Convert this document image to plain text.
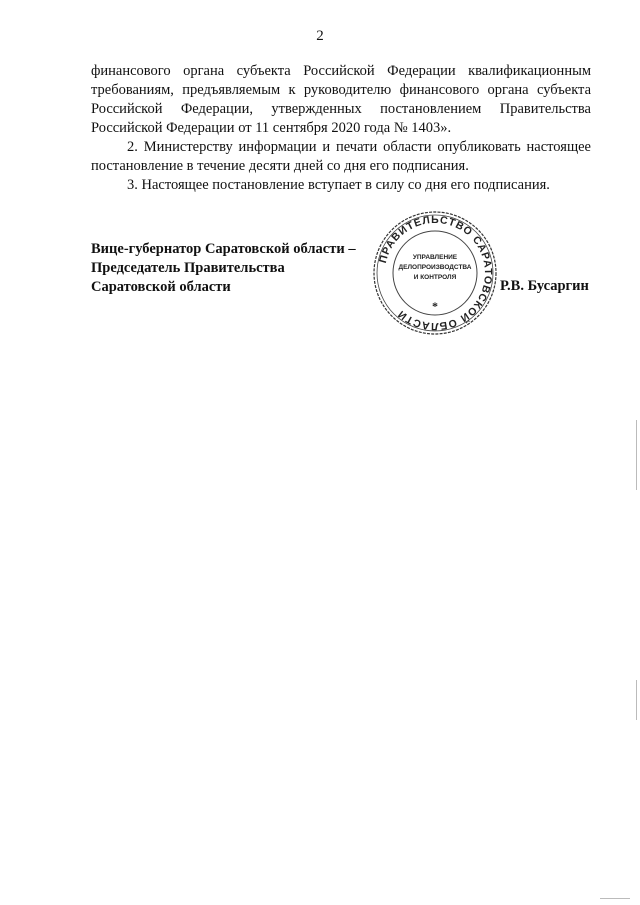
2

финансового органа субъекта Российской Федерации квалификационным требованиям, предъявляемым к руководителю финансового органа субъекта Российской Федерации, утвержденных постановлением Правительства Российской Федерации от 11 сентября 2020 года № 1403».

2. Министерству информации и печати области опубликовать настоящее постановление в течение десяти дней со дня его подписания.

3. Настоящее постановление вступает в силу со дня его подписания.

Вице-губернатор Саратовской области –
Председатель Правительства
Саратовской области	Р.В. Бусаргин
ПРАВИТЕЛЬСТВО САРАТОВСКОЙ ОБЛАСТИ
*
УПРАВЛЕНИЕ
ДЕЛОПРОИЗВОДСТВА
И КОНТРОЛЯ
